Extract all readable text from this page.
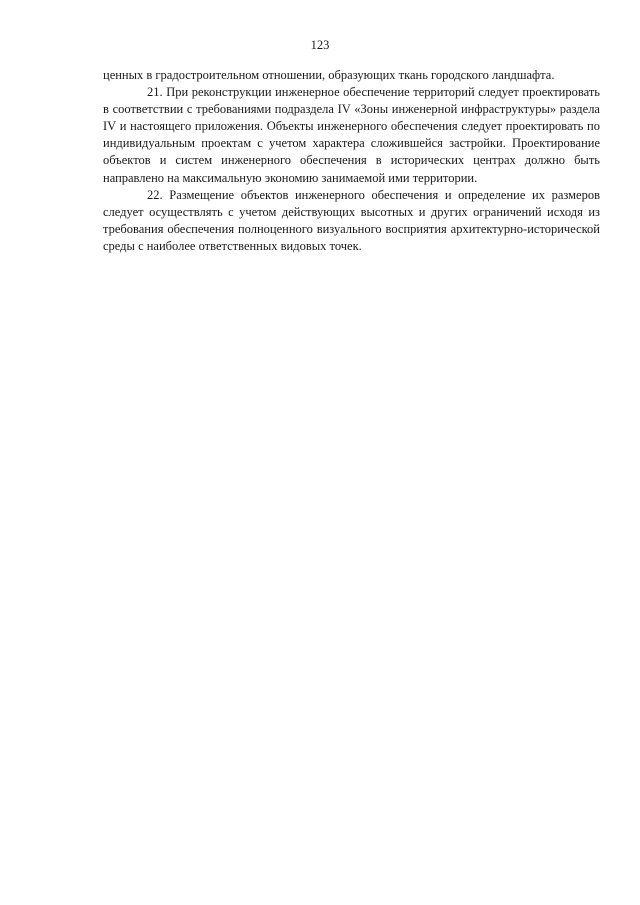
123

ценных в градостроительном отношении, образующих ткань городского ландшафта.

21. При реконструкции инженерное обеспечение территорий следует проектировать в соответствии с требованиями подраздела IV «Зоны инженерной инфраструктуры» раздела IV и настоящего приложения. Объекты инженерного обеспечения следует проектировать по индивидуальным проектам с учетом характера сложившейся застройки. Проектирование объектов и систем инженерного обеспечения в исторических центрах должно быть направлено на максимальную экономию занимаемой ими территории.

22. Размещение объектов инженерного обеспечения и определение их размеров следует осуществлять с учетом действующих высотных и других ограничений исходя из требования обеспечения полноценного визуального восприятия архитектурно-исторической среды с наиболее ответственных видовых точек.
